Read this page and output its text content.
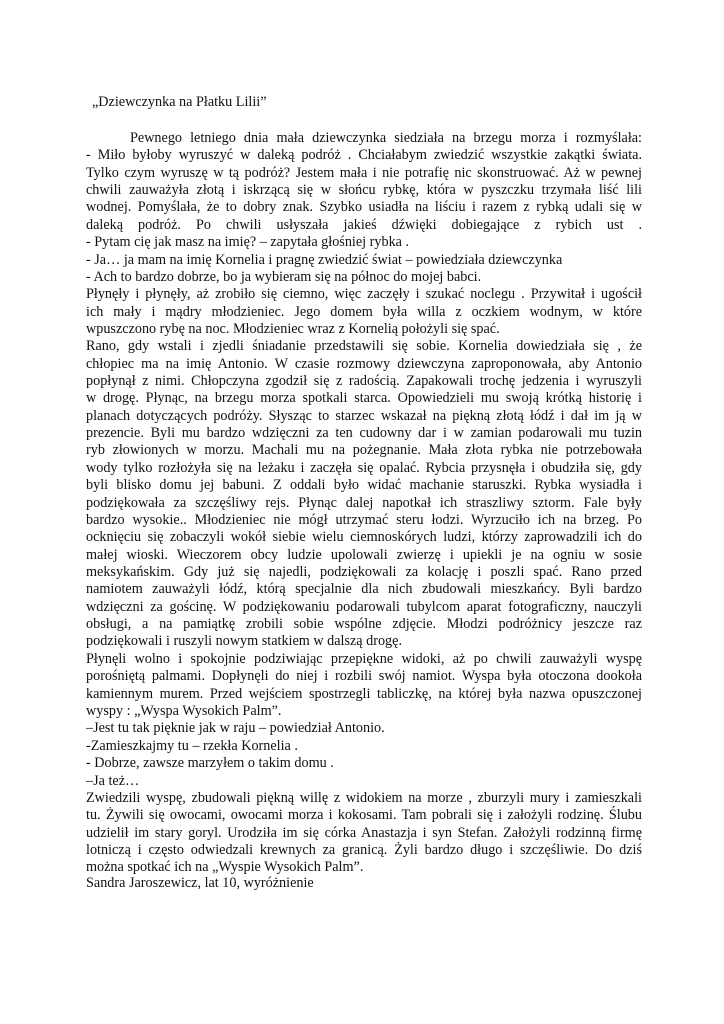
„Dziewczynka na Płatku Lilii”
Pewnego letniego dnia mała dziewczynka siedziała na brzegu morza i rozmyślała:
- Miło byłoby wyruszyć w daleką podróż . Chciałabym zwiedzić wszystkie zakątki świata.
Tylko czym wyruszę w tą podróż? Jestem mała i nie potrafię nic skonstruować. Aż w pewnej
chwili zauważyła złotą i iskrzącą się w słońcu rybkę, która w pyszczku trzymała liść lili
wodnej. Pomyślała, że to dobry znak. Szybko usiadła na liściu i razem z rybką udali się w
daleką podróż. Po chwili usłyszała jakieś dźwięki dobiegające z rybich ust .
- Pytam cię jak masz na imię? – zapytała głośniej rybka .
- Ja… ja mam na imię Kornelia i pragnę zwiedzić świat – powiedziała dziewczynka
- Ach to bardzo dobrze, bo ja wybieram się na północ do mojej babci.
Płynęły i płynęły, aż zrobiło się ciemno, więc zaczęły i szukać noclegu . Przywitał i ugościł
ich mały i mądry młodzieniec. Jego domem była willa z oczkiem wodnym, w które
wpuszczono rybę na noc. Młodzieniec wraz z Kornelią położyli się spać.
Rano, gdy wstali i zjedli śniadanie przedstawili się sobie. Kornelia dowiedziała się , że
chłopiec ma na imię Antonio. W czasie rozmowy dziewczyna zaproponowała, aby Antonio
popłynął z nimi. Chłopczyna zgodził się z radością. Zapakowali trochę jedzenia i wyruszyli
w drogę. Płynąc, na brzegu morza spotkali starca. Opowiedzieli mu swoją krótką historię i
planach dotyczących podróży. Słysząc to starzec wskazał na piękną złotą łódź i dał im ją w
prezencie. Byli mu bardzo wdzięczni za ten cudowny dar i w zamian podarowali mu tuzin
ryb złowionych w morzu. Machali mu na pożegnanie. Mała złota rybka nie potrzebowała
wody tylko rozłożyła się na leżaku i zaczęła się opalać. Rybcia przysnęła i obudziła się, gdy
byli blisko domu jej babuni. Z oddali było widać machanie staruszki. Rybka wysiadła i
podziękowała za szczęśliwy rejs. Płynąc dalej napotkał ich straszliwy sztorm. Fale były
bardzo wysokie.. Młodzieniec nie mógł utrzymać steru łodzi. Wyrzuciło ich na brzeg. Po
ocknięciu się zobaczyli wokół siebie wielu ciemnoskórych ludzi, którzy zaprowadzili ich do
małej wioski. Wieczorem obcy ludzie upolowali zwierzę i upiekli je na ogniu w sosie
meksykańskim. Gdy już się najedli, podziękowali za kolację i poszli spać. Rano przed
namiotem zauważyli łódź, którą specjalnie dla nich zbudowali mieszkańcy. Byli bardzo
wdzięczni za gościnę. W podziękowaniu podarowali tubylcom aparat fotograficzny, nauczyli
obsługi, a na pamiątkę zrobili sobie wspólne zdjęcie. Młodzi podróżnicy jeszcze raz
podziękowali i ruszyli nowym statkiem w dalszą drogę.
Płynęli wolno i spokojnie podziwiając przepiękne widoki, aż po chwili zauważyli wyspę
porośniętą palmami. Dopłynęli do niej i rozbili swój namiot. Wyspa była otoczona dookoła
kamiennym murem. Przed wejściem spostrzegli tabliczkę, na której była nazwa opuszczonej
wyspy : „Wyspa Wysokich Palm”.
–Jest tu tak pięknie jak w raju – powiedział Antonio.
-Zamieszkajmy tu – rzekła Kornelia .
- Dobrze, zawsze marzyłem o takim domu .
–Ja też…
Zwiedzili wyspę, zbudowali piękną willę z widokiem na morze , zburzyli mury i zamieszkali
tu. Żywili się owocami, owocami morza i kokosami. Tam pobrali się i założyli rodzinę. Ślubu
udzielił im stary goryl. Urodziła im się córka Anastazja i syn Stefan. Założyli rodzinną firmę
lotniczą i często odwiedzali krewnych za granicą. Żyli bardzo długo i szczęśliwie. Do dziś
można spotkać ich na „Wyspie Wysokich Palm”.
Sandra Jaroszewicz, lat 10, wyróżnienie
